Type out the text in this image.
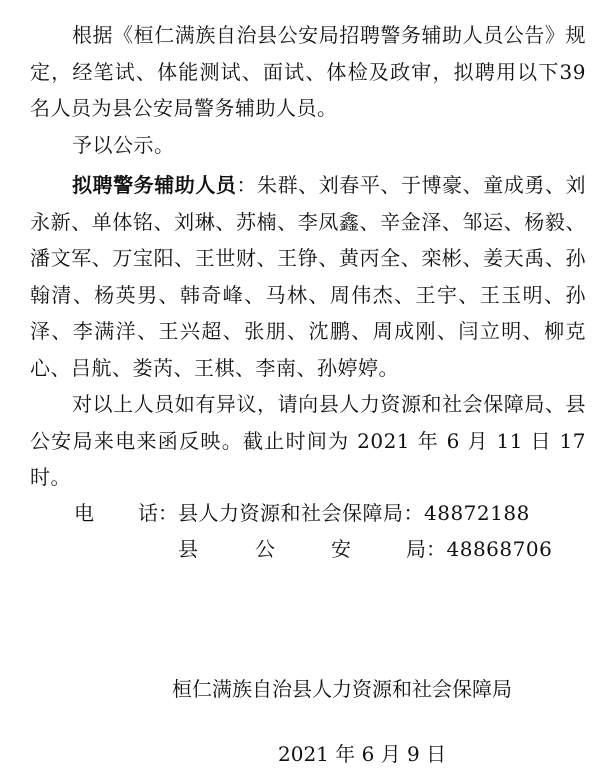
根据《桓仁满族自治县公安局招聘警务辅助人员公告》规定，经笔试、体能测试、面试、体检及政审，拟聘用以下39名人员为县公安局警务辅助人员。

予以公示。

拟聘警务辅助人员：朱群、刘春平、于博豪、童成勇、刘永新、单体铭、刘琳、苏楠、李凤鑫、辛金泽、邹运、杨毅、潘文军、万宝阳、王世财、王铮、黄丙全、栾彬、姜天禹、孙翰清、杨英男、韩奇峰、马林、周伟杰、王宇、王玉明、孙泽、李满洋、王兴超、张朋、沈鹏、周成刚、闫立明、柳克心、吕航、娄芮、王棋、李南、孙婷婷。

对以上人员如有异议，请向县人力资源和社会保障局、县公安局来电来函反映。截止时间为 2021 年 6 月 11 日 17 时。

电 话 ： 县人力资源和社会保障局：48872188
县	公	安	局 ：48868706
桓仁满族自治县人力资源和社会保障局
2021 年 6 月 9 日
